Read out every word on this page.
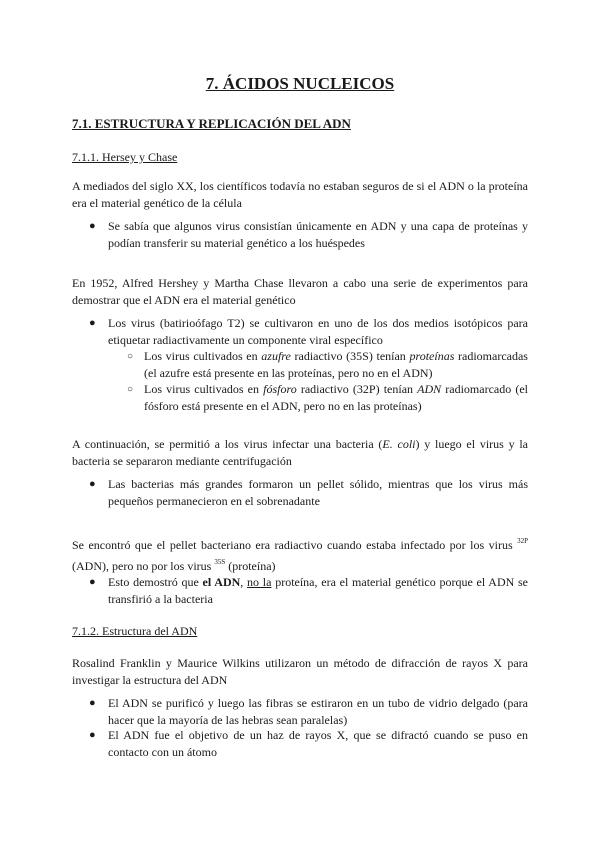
7. ÁCIDOS NUCLEICOS
7.1. ESTRUCTURA Y REPLICACIÓN DEL ADN
7.1.1. Hersey y Chase
A mediados del siglo XX, los científicos todavía no estaban seguros de si el ADN o la proteína era el material genético de la célula
● Se sabía que algunos virus consistían únicamente en ADN y una capa de proteínas y podían transferir su material genético a los huéspedes
En 1952, Alfred Hershey y Martha Chase llevaron a cabo una serie de experimentos para demostrar que el ADN era el material genético
● Los virus (batirioófago T2) se cultivaron en uno de los dos medios isotópicos para etiquetar radiactivamente un componente viral específico
○ Los virus cultivados en azufre radiactivo (35S) tenían proteínas radiomarcadas (el azufre está presente en las proteínas, pero no en el ADN)
○ Los virus cultivados en fósforo radiactivo (32P) tenían ADN radiomarcado (el fósforo está presente en el ADN, pero no en las proteínas)
A continuación, se permitió a los virus infectar una bacteria (E. coli) y luego el virus y la bacteria se separaron mediante centrifugación
● Las bacterias más grandes formaron un pellet sólido, mientras que los virus más pequeños permanecieron en el sobrenadante
Se encontró que el pellet bacteriano era radiactivo cuando estaba infectado por los virus $^{32P}$ (ADN), pero no por los virus $^{35S}$ (proteína)
● Esto demostró que el ADN, no la proteína, era el material genético porque el ADN se transfirió a la bacteria
7.1.2. Estructura del ADN
Rosalind Franklin y Maurice Wilkins utilizaron un método de difracción de rayos X para investigar la estructura del ADN
● El ADN se purificó y luego las fibras se estiraron en un tubo de vidrio delgado (para hacer que la mayoría de las hebras sean paralelas)
● El ADN fue el objetivo de un haz de rayos X, que se difractó cuando se puso en contacto con un átomo
